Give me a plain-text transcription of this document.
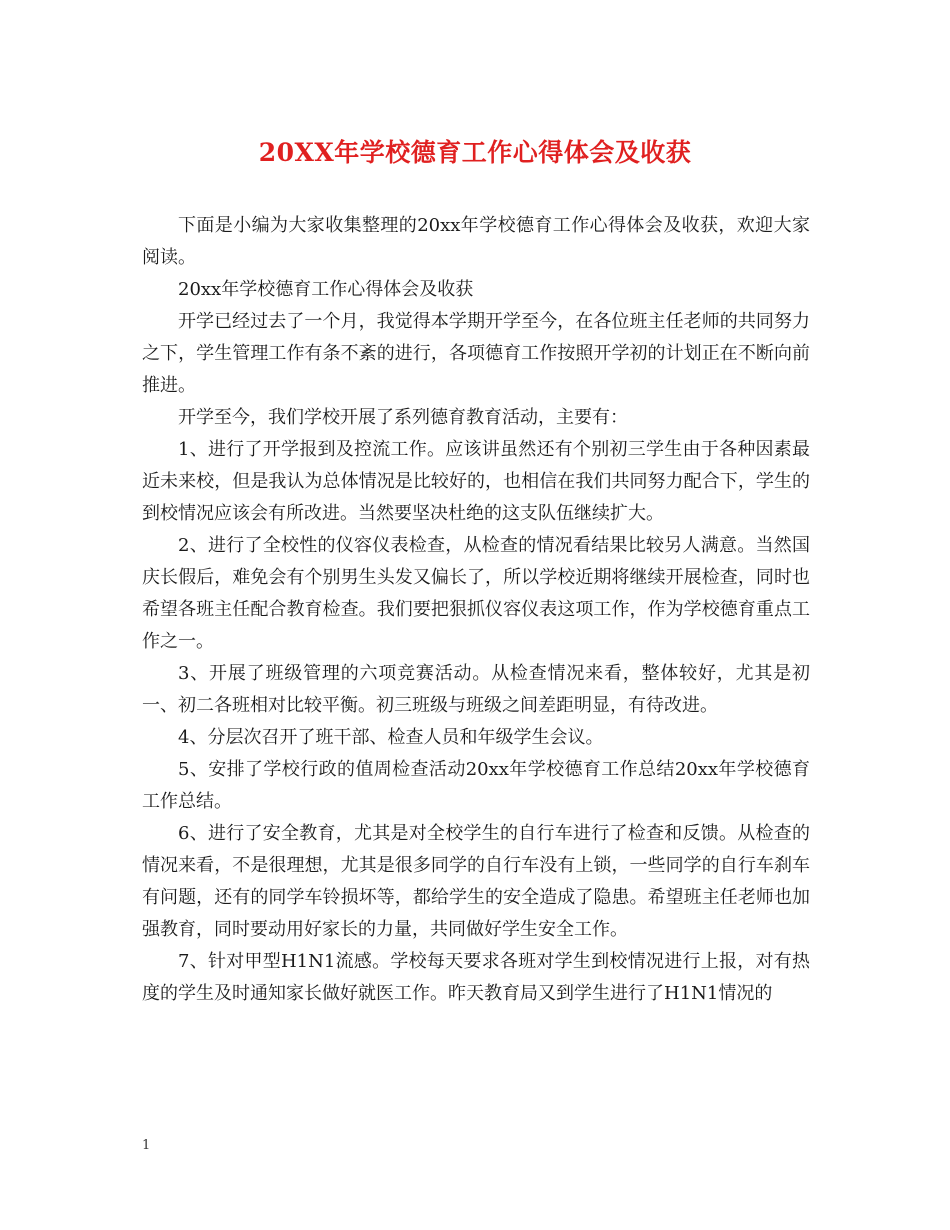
20XX年学校德育工作心得体会及收获

下面是小编为大家收集整理的20xx年学校德育工作心得体会及收获，欢迎大家阅读。

20xx年学校德育工作心得体会及收获

开学已经过去了一个月，我觉得本学期开学至今，在各位班主任老师的共同努力之下，学生管理工作有条不紊的进行，各项德育工作按照开学初的计划正在不断向前推进。

开学至今，我们学校开展了系列德育教育活动，主要有：

1、进行了开学报到及控流工作。应该讲虽然还有个别初三学生由于各种因素最近未来校，但是我认为总体情况是比较好的，也相信在我们共同努力配合下，学生的到校情况应该会有所改进。当然要坚决杜绝的这支队伍继续扩大。

2、进行了全校性的仪容仪表检查，从检查的情况看结果比较另人满意。当然国庆长假后，难免会有个别男生头发又偏长了，所以学校近期将继续开展检查，同时也希望各班主任配合教育检查。我们要把狠抓仪容仪表这项工作，作为学校德育重点工作之一。

3、开展了班级管理的六项竞赛活动。从检查情况来看，整体较好，尤其是初一、初二各班相对比较平衡。初三班级与班级之间差距明显，有待改进。

4、分层次召开了班干部、检查人员和年级学生会议。

5、安排了学校行政的值周检查活动20xx年学校德育工作总结20xx年学校德育工作总结。

6、进行了安全教育，尤其是对全校学生的自行车进行了检查和反馈。从检查的情况来看，不是很理想，尤其是很多同学的自行车没有上锁，一些同学的自行车刹车有问题，还有的同学车铃损坏等，都给学生的安全造成了隐患。希望班主任老师也加强教育，同时要动用好家长的力量，共同做好学生安全工作。

7、针对甲型H1N1流感。学校每天要求各班对学生到校情况进行上报，对有热度的学生及时通知家长做好就医工作。昨天教育局又到学生进行了H1N1情况的

1
